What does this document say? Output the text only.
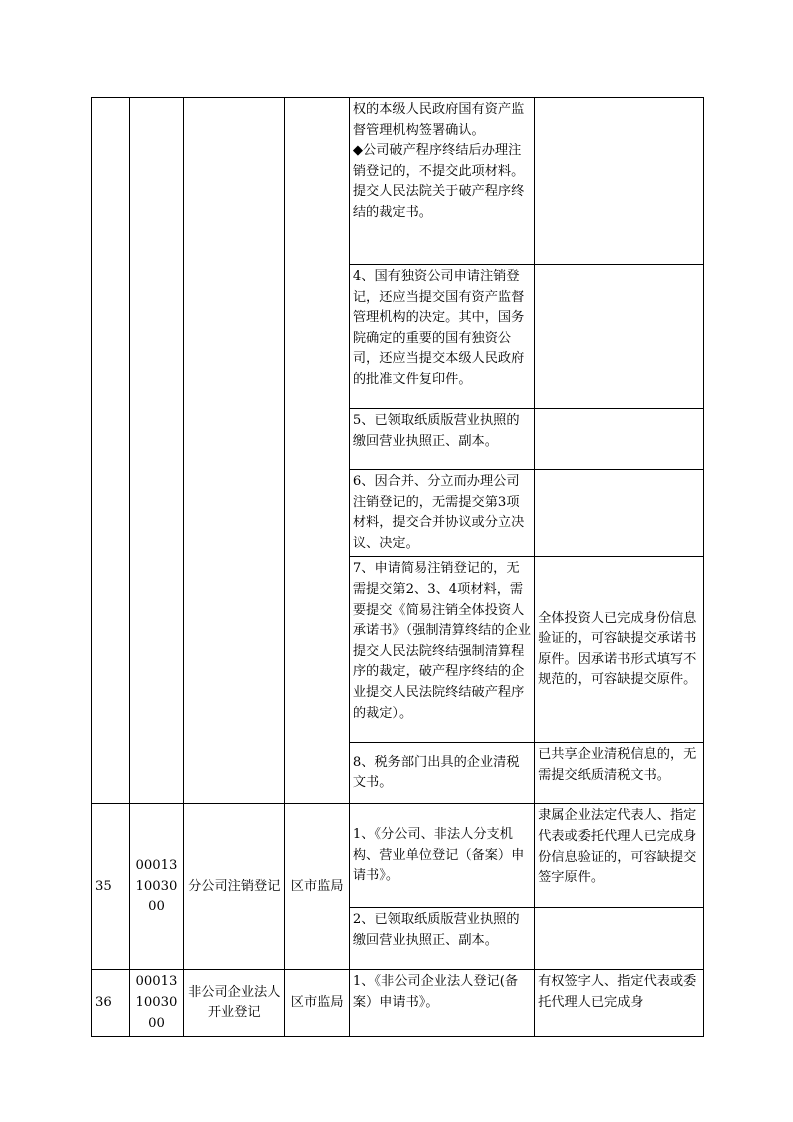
				权的本级人民政府国有资产监督管理机构签署确认。
◆公司破产程序终结后办理注销登记的，不提交此项材料。提交人民法院关于破产程序终结的裁定书。	
				4、国有独资公司申请注销登记，还应当提交国有资产监督管理机构的决定。其中，国务院确定的重要的国有独资公司，还应当提交本级人民政府的批准文件复印件。	
				5、已领取纸质版营业执照的缴回营业执照正、副本。	
				6、因合并、分立而办理公司注销登记的，无需提交第3项材料，提交合并协议或分立决议、决定。	
				7、申请简易注销登记的，无需提交第2、3、4项材料，需要提交《简易注销全体投资人承诺书》（强制清算终结的企业提交人民法院终结强制清算程序的裁定，破产程序终结的企业提交人民法院终结破产程序的裁定）。	全体投资人已完成身份信息验证的，可容缺提交承诺书原件。因承诺书形式填写不规范的，可容缺提交原件。
				8、税务部门出具的企业清税文书。	已共享企业清税信息的，无需提交纸质清税文书。
35	000131003000	分公司注销登记	区市监局	1、《分公司、非法人分支机构、营业单位登记（备案）申请书》。	隶属企业法定代表人、指定代表或委托代理人已完成身份信息验证的，可容缺提交签字原件。
				2、已领取纸质版营业执照的缴回营业执照正、副本。	
36	000131003000	非公司企业法人开业登记	区市监局	1、《非公司企业法人登记(备案）申请书》。	有权签字人、指定代表或委托代理人已完成身
